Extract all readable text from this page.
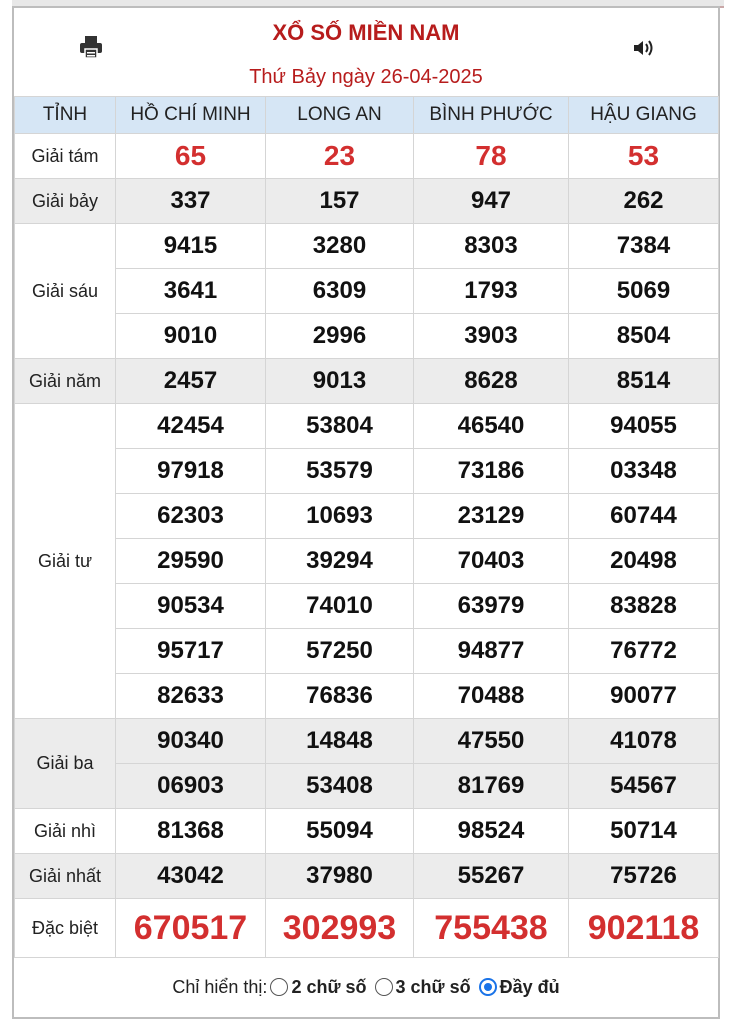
XỔ SỐ MIỀN NAM
Thứ Bảy ngày 26-04-2025
TỈNH	HỒ CHÍ MINH	LONG AN	BÌNH PHƯỚC	HẬU GIANG
Giải tám	65	23	78	53
Giải bảy	337	157	947	262
Giải sáu	9415	3280	8303	7384
	3641	6309	1793	5069
	9010	2996	3903	8504
Giải năm	2457	9013	8628	8514
Giải tư	42454	53804	46540	94055
	97918	53579	73186	03348
	62303	10693	23129	60744
	29590	39294	70403	20498
	90534	74010	63979	83828
	95717	57250	94877	76772
	82633	76836	70488	90077
Giải ba	90340	14848	47550	41078
	06903	53408	81769	54567
Giải nhì	81368	55094	98524	50714
Giải nhất	43042	37980	55267	75726
Đặc biệt	670517	302993	755438	902118
Chỉ hiển thị: 2 chữ số 3 chữ số Đầy đủ
